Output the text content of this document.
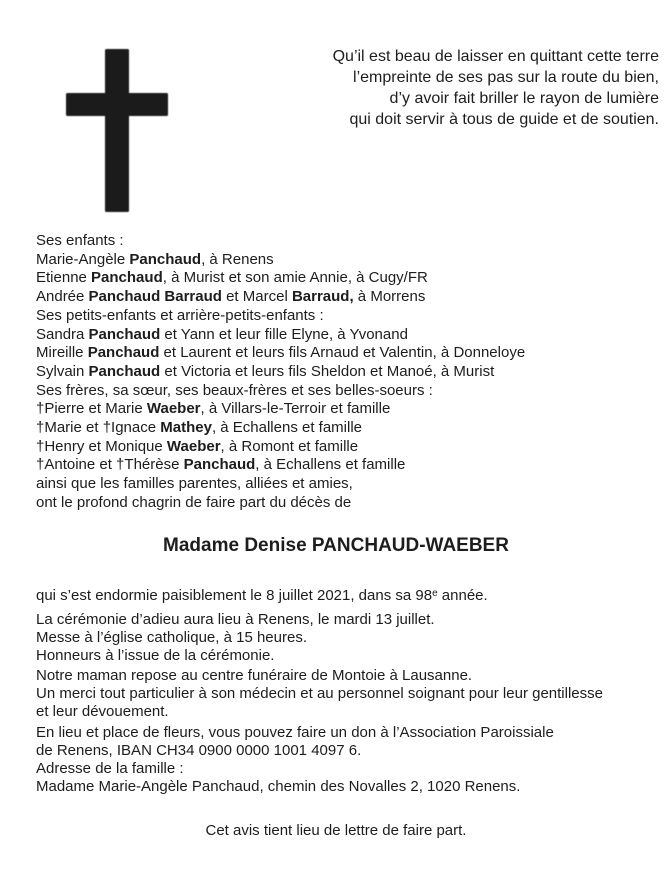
Qu’il est beau de laisser en quittant cette terre
l’empreinte de ses pas sur la route du bien,
d’y avoir fait briller le rayon de lumière
qui doit servir à tous de guide et de soutien.
Ses enfants :
Marie-Angèle Panchaud, à Renens
Etienne Panchaud, à Murist et son amie Annie, à Cugy/FR
Andrée Panchaud Barraud et Marcel Barraud, à Morrens
Ses petits-enfants et arrière-petits-enfants :
Sandra Panchaud et Yann et leur fille Elyne, à Yvonand
Mireille Panchaud et Laurent et leurs fils Arnaud et Valentin, à Donneloye
Sylvain Panchaud et Victoria et leurs fils Sheldon et Manoé, à Murist
Ses frères, sa sœur, ses beaux-frères et ses belles-soeurs :
†Pierre et Marie Waeber, à Villars-le-Terroir et famille
†Marie et †Ignace Mathey, à Echallens et famille
†Henry et Monique Waeber, à Romont et famille
†Antoine et †Thérèse Panchaud, à Echallens et famille
ainsi que les familles parentes, alliées et amies,
ont le profond chagrin de faire part du décès de
Madame Denise PANCHAUD-WAEBER
qui s’est endormie paisiblement le 8 juillet 2021, dans sa 98e année.
La cérémonie d’adieu aura lieu à Renens, le mardi 13 juillet.
Messe à l’église catholique, à 15 heures.
Honneurs à l’issue de la cérémonie.
Notre maman repose au centre funéraire de Montoie à Lausanne.
Un merci tout particulier à son médecin et au personnel soignant pour leur gentillesse
et leur dévouement.
En lieu et place de fleurs, vous pouvez faire un don à l’Association Paroissiale
de Renens, IBAN CH34 0900 0000 1001 4097 6.
Adresse de la famille :
Madame Marie-Angèle Panchaud, chemin des Novalles 2, 1020 Renens.
Cet avis tient lieu de lettre de faire part.
